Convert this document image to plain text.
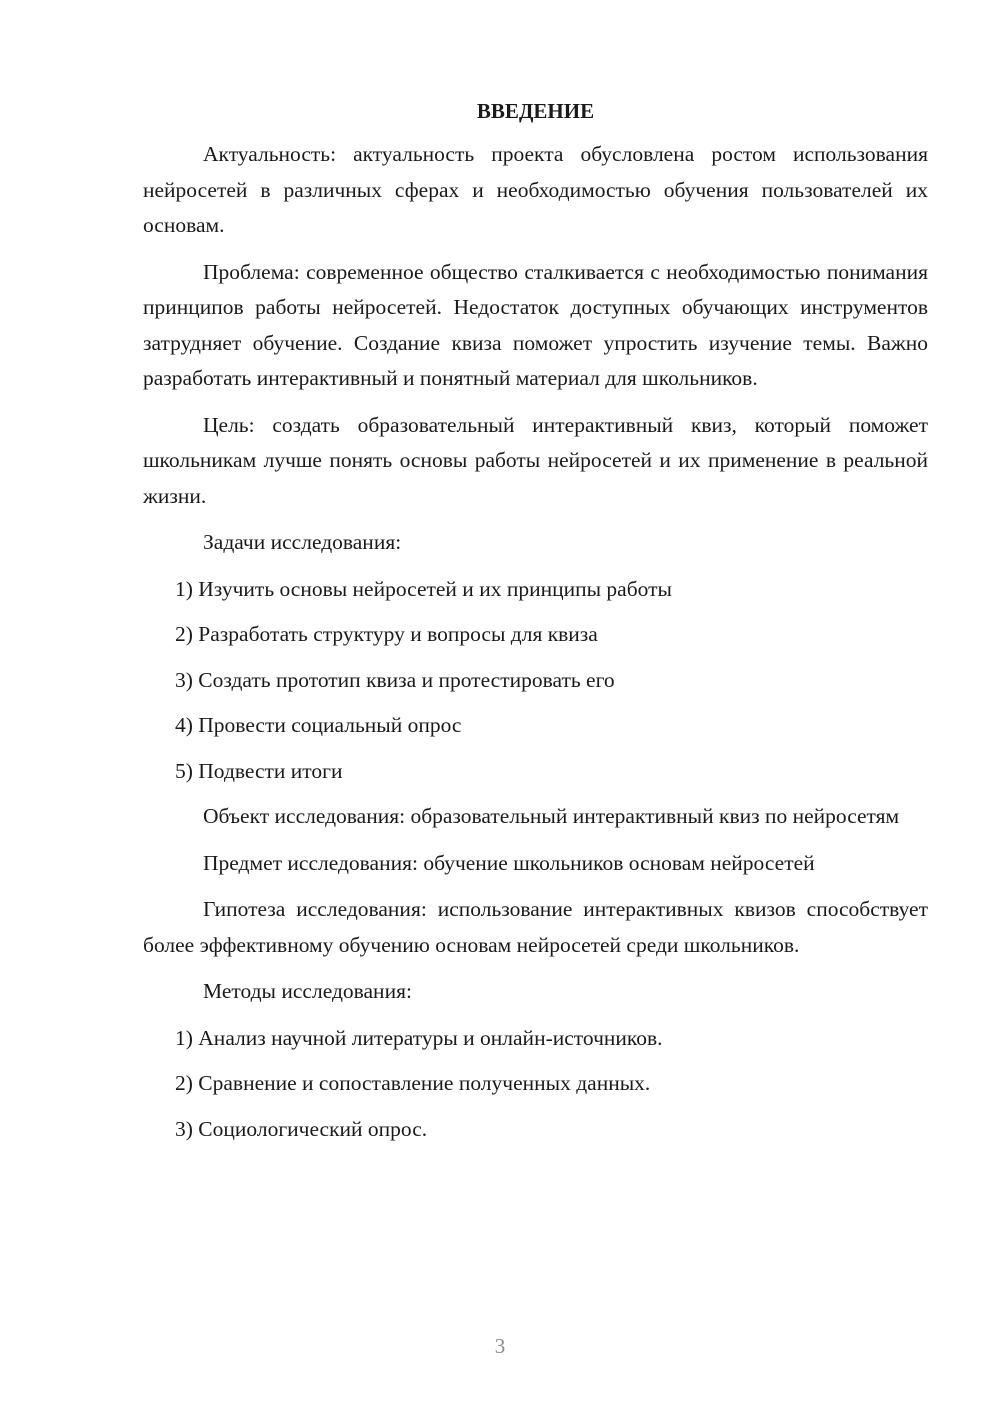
ВВЕДЕНИЕ

Актуальность: актуальность проекта обусловлена ростом использования нейросетей в различных сферах и необходимостью обучения пользователей их основам.

Проблема: современное общество сталкивается с необходимостью понимания принципов работы нейросетей. Недостаток доступных обучающих инструментов затрудняет обучение. Создание квиза поможет упростить изучение темы. Важно разработать интерактивный и понятный материал для школьников.

Цель: создать образовательный интерактивный квиз, который поможет школьникам лучше понять основы работы нейросетей и их применение в реальной жизни.

Задачи исследования:

1) Изучить основы нейросетей и их принципы работы

2) Разработать структуру и вопросы для квиза

3) Создать прототип квиза и протестировать его

4) Провести социальный опрос

5) Подвести итоги

Объект исследования: образовательный интерактивный квиз по нейросетям

Предмет исследования: обучение школьников основам нейросетей

Гипотеза исследования: использование интерактивных квизов способствует более эффективному обучению основам нейросетей среди школьников.

Методы исследования:

1) Анализ научной литературы и онлайн-источников.

2) Сравнение и сопоставление полученных данных.

3) Социологический опрос.

3
